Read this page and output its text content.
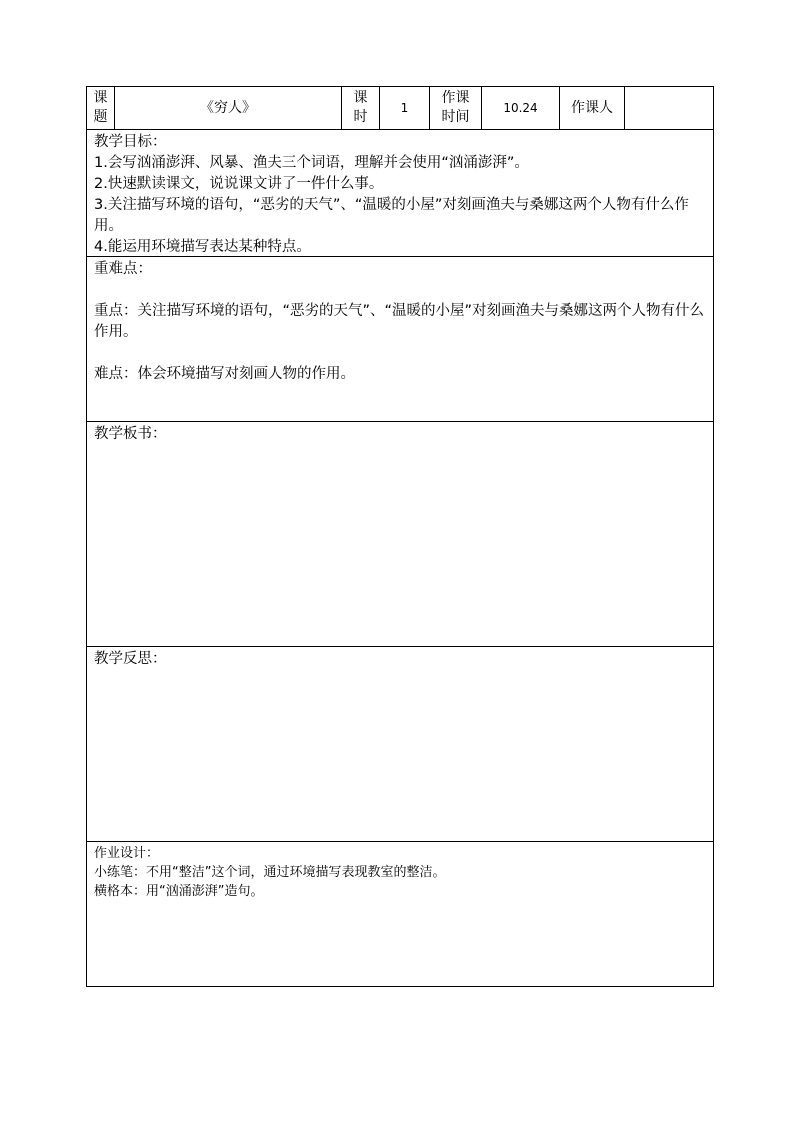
课
题
《穷人》
课
时
1
作课
时间
10.24 作课人

教学目标：

1.会写汹涌澎湃、风暴、渔夫三个词语，理解并会使用“汹涌澎湃”。

2.快速默读课文，说说课文讲了一件什么事。

3.关注描写环境的语句，“恶劣的天气”、“温暖的小屋”对刻画渔夫与桑娜这两个人物有什么作用。

4.能运用环境描写表达某种特点。

重难点：

重点：关注描写环境的语句，“恶劣的天气”、“温暖的小屋”对刻画渔夫与桑娜这两个人物有什么作用。

难点：体会环境描写对刻画人物的作用。

教学板书：

教学反思：

作业设计：

小练笔：不用“整洁”这个词，通过环境描写表现教室的整洁。

横格本：用“汹涌澎湃”造句。
